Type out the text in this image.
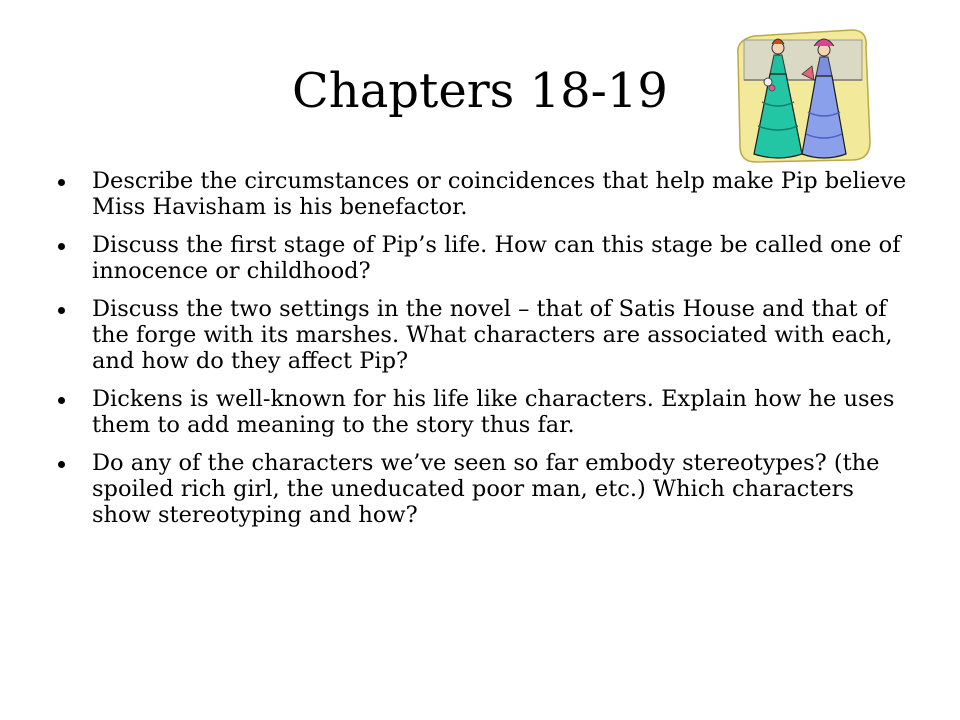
Chapters 18-19
Describe the circumstances or coincidences that help make Pip believe Miss Havisham is his benefactor.
Discuss the first stage of Pip’s life. How can this stage be called one of innocence or childhood?
Discuss the two settings in the novel – that of Satis House and that of the forge with its marshes. What characters are associated with each, and how do they affect Pip?
Dickens is well-known for his life like characters. Explain how he uses them to add meaning to the story thus far.
Do any of the characters we’ve seen so far embody stereotypes? (the spoiled rich girl, the uneducated poor man, etc.) Which characters show stereotyping and how?
